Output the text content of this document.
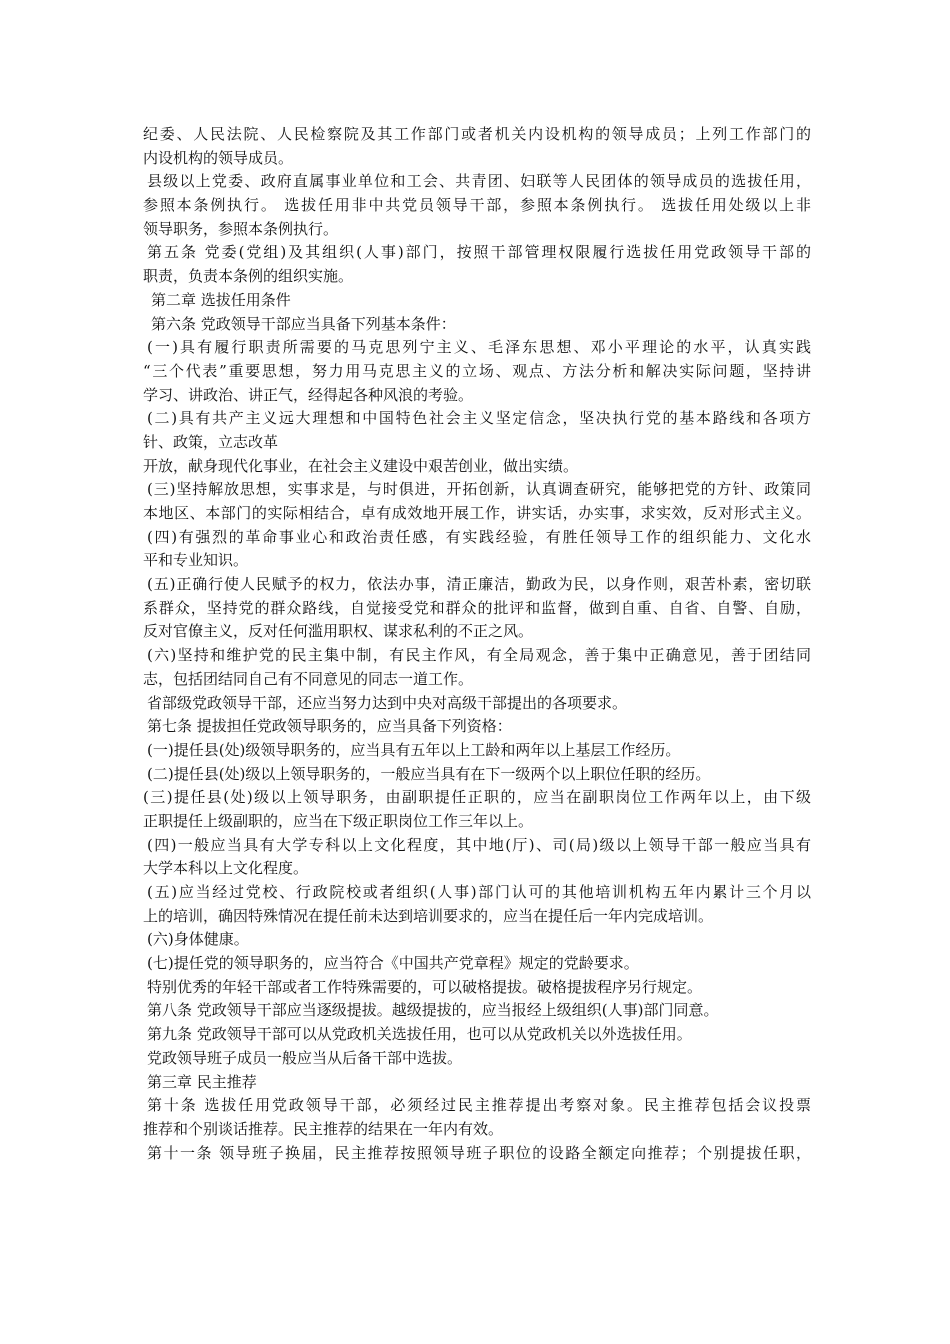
纪委、人民法院、人民检察院及其工作部门或者机关内设机构的领导成员；上列工作部门的
内设机构的领导成员。
县级以上党委、政府直属事业单位和工会、共青团、妇联等人民团体的领导成员的选拔任用，
参照本条例执行。 选拔任用非中共党员领导干部，参照本条例执行。 选拔任用处级以上非
领导职务，参照本条例执行。
第五条 党委(党组)及其组织(人事)部门，按照干部管理权限履行选拔任用党政领导干部的
职责，负责本条例的组织实施。
第二章 选拔任用条件
第六条 党政领导干部应当具备下列基本条件：
(一)具有履行职责所需要的马克思列宁主义、毛泽东思想、邓小平理论的水平，认真实践
“三个代表”重要思想，努力用马克思主义的立场、观点、方法分析和解决实际问题，坚持讲
学习、讲政治、讲正气，经得起各种风浪的考验。
(二)具有共产主义远大理想和中国特色社会主义坚定信念，坚决执行党的基本路线和各项方
针、政策，立志改革
开放，献身现代化事业，在社会主义建设中艰苦创业，做出实绩。
(三)坚持解放思想，实事求是，与时俱进，开拓创新，认真调查研究，能够把党的方针、政策同
本地区、本部门的实际相结合，卓有成效地开展工作，讲实话，办实事，求实效，反对形式主义。
(四)有强烈的革命事业心和政治责任感，有实践经验，有胜任领导工作的组织能力、文化水
平和专业知识。
(五)正确行使人民赋予的权力，依法办事，清正廉洁，勤政为民，以身作则，艰苦朴素，密切联
系群众，坚持党的群众路线，自觉接受党和群众的批评和监督，做到自重、自省、自警、自励，
反对官僚主义，反对任何滥用职权、谋求私利的不正之风。
(六)坚持和维护党的民主集中制，有民主作风，有全局观念，善于集中正确意见，善于团结同
志，包括团结同自己有不同意见的同志一道工作。
省部级党政领导干部，还应当努力达到中央对高级干部提出的各项要求。
第七条 提拔担任党政领导职务的，应当具备下列资格：
(一)提任县(处)级领导职务的，应当具有五年以上工龄和两年以上基层工作经历。
(二)提任县(处)级以上领导职务的，一般应当具有在下一级两个以上职位任职的经历。
(三)提任县(处)级以上领导职务，由副职提任正职的，应当在副职岗位工作两年以上，由下级
正职提任上级副职的，应当在下级正职岗位工作三年以上。
(四)一般应当具有大学专科以上文化程度，其中地(厅)、司(局)级以上领导干部一般应当具有
大学本科以上文化程度。
(五)应当经过党校、行政院校或者组织(人事)部门认可的其他培训机构五年内累计三个月以
上的培训，确因特殊情况在提任前未达到培训要求的，应当在提任后一年内完成培训。
(六)身体健康。
(七)提任党的领导职务的，应当符合《中国共产党章程》规定的党龄要求。
特别优秀的年轻干部或者工作特殊需要的，可以破格提拔。破格提拔程序另行规定。
第八条 党政领导干部应当逐级提拔。越级提拔的，应当报经上级组织(人事)部门同意。
第九条 党政领导干部可以从党政机关选拔任用，也可以从党政机关以外选拔任用。
党政领导班子成员一般应当从后备干部中选拔。
第三章 民主推荐
第十条 选拔任用党政领导干部，必须经过民主推荐提出考察对象。民主推荐包括会议投票
推荐和个别谈话推荐。民主推荐的结果在一年内有效。
第十一条 领导班子换届，民主推荐按照领导班子职位的设路全额定向推荐；个别提拔任职，
